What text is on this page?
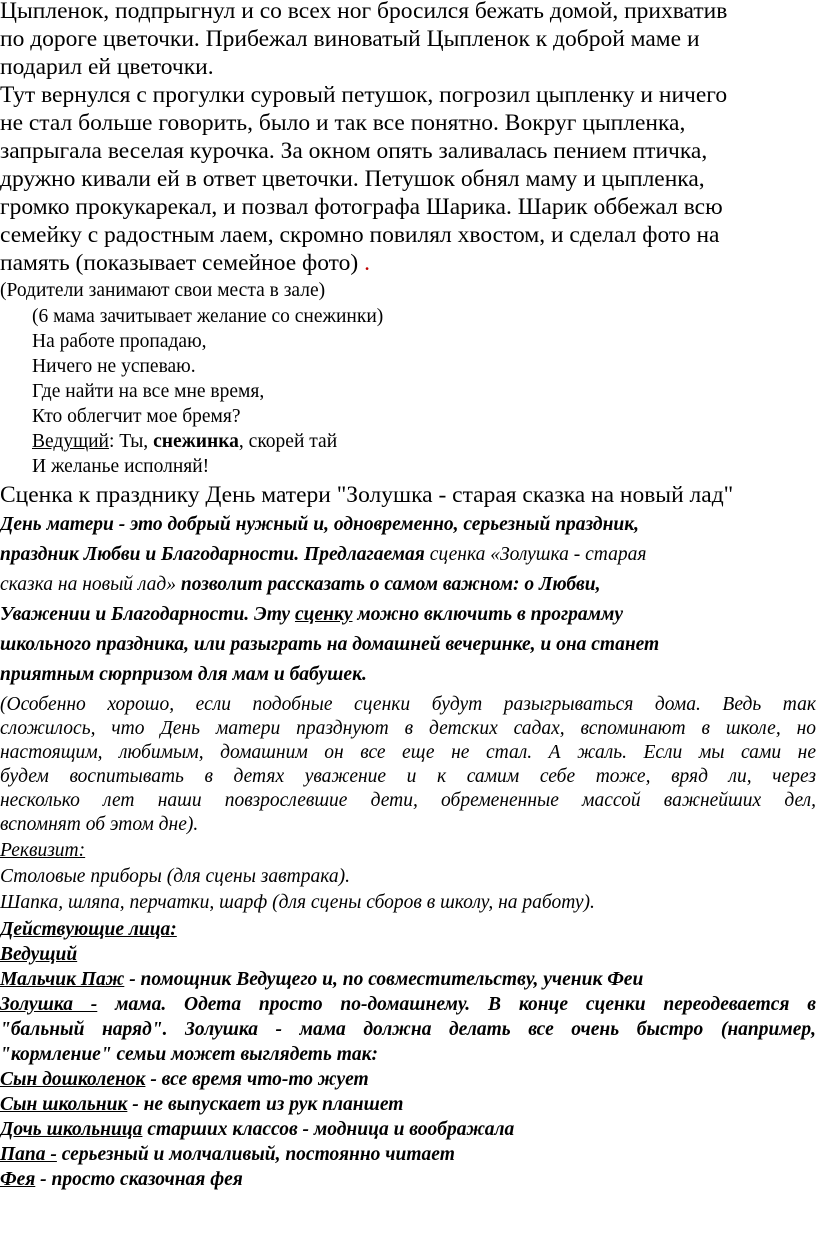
Цыпленок, подпрыгнул и со всех ног бросился бежать домой, прихватив
по дороге цветочки. Прибежал виноватый Цыпленок к доброй маме и
подарил ей цветочки.
Тут вернулся с прогулки суровый петушок, погрозил цыпленку и ничего
не стал больше говорить, было и так все понятно. Вокруг цыпленка,
запрыгала веселая курочка. За окном опять заливалась пением птичка,
дружно кивали ей в ответ цветочки. Петушок обнял маму и цыпленка,
громко прокукарекал, и позвал фотографа Шарика. Шарик оббежал всю
семейку с радостным лаем, скромно повилял хвостом, и сделал фото на
память (показывает семейное фото) .
(Родители занимают свои места в зале)
(6 мама зачитывает желание со снежинки)
На работе пропадаю,
Ничего не успеваю.
Где найти на все мне время,
Кто облегчит мое бремя?
Ведущий: Ты, снежинка, скорей тай
И желанье исполняй!
Сценка к празднику День матери "Золушка - старая сказка на новый лад"
День матери - это добрый нужный и, одновременно, серьезный праздник,
праздник Любви и Благодарности. Предлагаемая сценка «Золушка - старая
сказка на новый лад» позволит рассказать о самом важном: о Любви,
Уважении и Благодарности. Эту сценку можно включить в программу
школьного праздника, или разыграть на домашней вечеринке, и она станет
приятным сюрпризом для мам и бабушек.
(Особенно хорошо, если подобные сценки будут разыгрываться дома. Ведь так
сложилось, что День матери празднуют в детских садах, вспоминают в школе, но
настоящим, любимым, домашним он все еще не стал. А жаль. Если мы сами не
будем воспитывать в детях уважение и к самим себе тоже, вряд ли, через
несколько лет наши повзрослевшие дети, обремененные массой важнейших дел,
вспомнят об этом дне).
Реквизит:
Столовые приборы (для сцены завтрака).
Шапка, шляпа, перчатки, шарф (для сцены сборов в школу, на работу).
Действующие лица:
Ведущий
Мальчик Паж - помощник Ведущего и, по совместительству, ученик Феи
Золушка - мама. Одета просто по-домашнему. В конце сценки переодевается в
"бальный наряд". Золушка - мама должна делать все очень быстро (например,
"кормление" семьи может выглядеть так:
Сын дошколенок - все время что-то жует
Сын школьник - не выпускает из рук планшет
Дочь школьница старших классов - модница и воображала
Папа - серьезный и молчаливый, постоянно читает
Фея - просто сказочная фея
